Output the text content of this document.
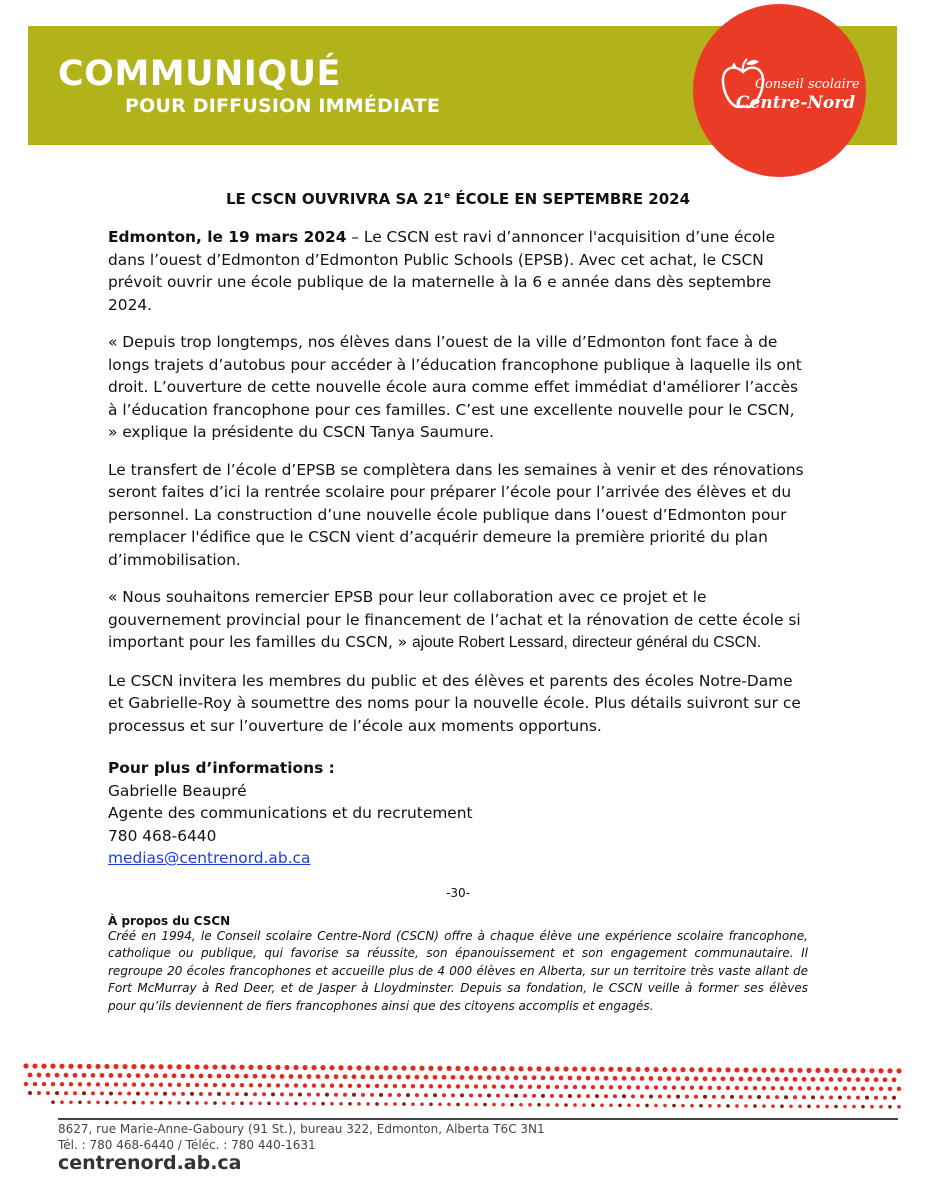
COMMUNIQUÉ
POUR DIFFUSION IMMÉDIATE
Conseil scolaire
Centre-Nord
LE CSCN OUVRIVRA SA 21e ÉCOLE EN SEPTEMBRE 2024
Edmonton, le 19 mars 2024 – Le CSCN est ravi d’annoncer l'acquisition d’une école dans l’ouest d’Edmonton d’Edmonton Public Schools (EPSB). Avec cet achat, le CSCN prévoit ouvrir une école publique de la maternelle à la 6 e année dans dès septembre 2024.
« Depuis trop longtemps, nos élèves dans l’ouest de la ville d’Edmonton font face à de longs trajets d’autobus pour accéder à l’éducation francophone publique à laquelle ils ont droit. L’ouverture de cette nouvelle école aura comme effet immédiat d'améliorer l’accès à l’éducation francophone pour ces familles. C’est une excellente nouvelle pour le CSCN, » explique la présidente du CSCN Tanya Saumure.
Le transfert de l’école d’EPSB se complètera dans les semaines à venir et des rénovations seront faites d’ici la rentrée scolaire pour préparer l’école pour l’arrivée des élèves et du personnel. La construction d’une nouvelle école publique dans l’ouest d’Edmonton pour remplacer l'édifice que le CSCN vient d’acquérir demeure la première priorité du plan d’immobilisation.
« Nous souhaitons remercier EPSB pour leur collaboration avec ce projet et le gouvernement provincial pour le financement de l’achat et la rénovation de cette école si important pour les familles du CSCN, » ajoute Robert Lessard, directeur général du CSCN.
Le CSCN invitera les membres du public et des élèves et parents des écoles Notre-Dame et Gabrielle-Roy à soumettre des noms pour la nouvelle école. Plus détails suivront sur ce processus et sur l’ouverture de l’école aux moments opportuns.
Pour plus d’informations :
Gabrielle Beaupré
Agente des communications et du recrutement
780 468-6440
medias@centrenord.ab.ca
-30-
À propos du CSCN
Créé en 1994, le Conseil scolaire Centre-Nord (CSCN) offre à chaque élève une expérience scolaire francophone, catholique ou publique, qui favorise sa réussite, son épanouissement et son engagement communautaire. Il regroupe 20 écoles francophones et accueille plus de 4 000 élèves en Alberta, sur un territoire très vaste allant de Fort McMurray à Red Deer, et de Jasper à Lloydminster. Depuis sa fondation, le CSCN veille à former ses élèves pour qu’ils deviennent de fiers francophones ainsi que des citoyens accomplis et engagés.
8627, rue Marie-Anne-Gaboury (91 St.), bureau 322, Edmonton, Alberta T6C 3N1
Tél. : 780 468-6440 / Téléc. : 780 440-1631
centrenord.ab.ca
